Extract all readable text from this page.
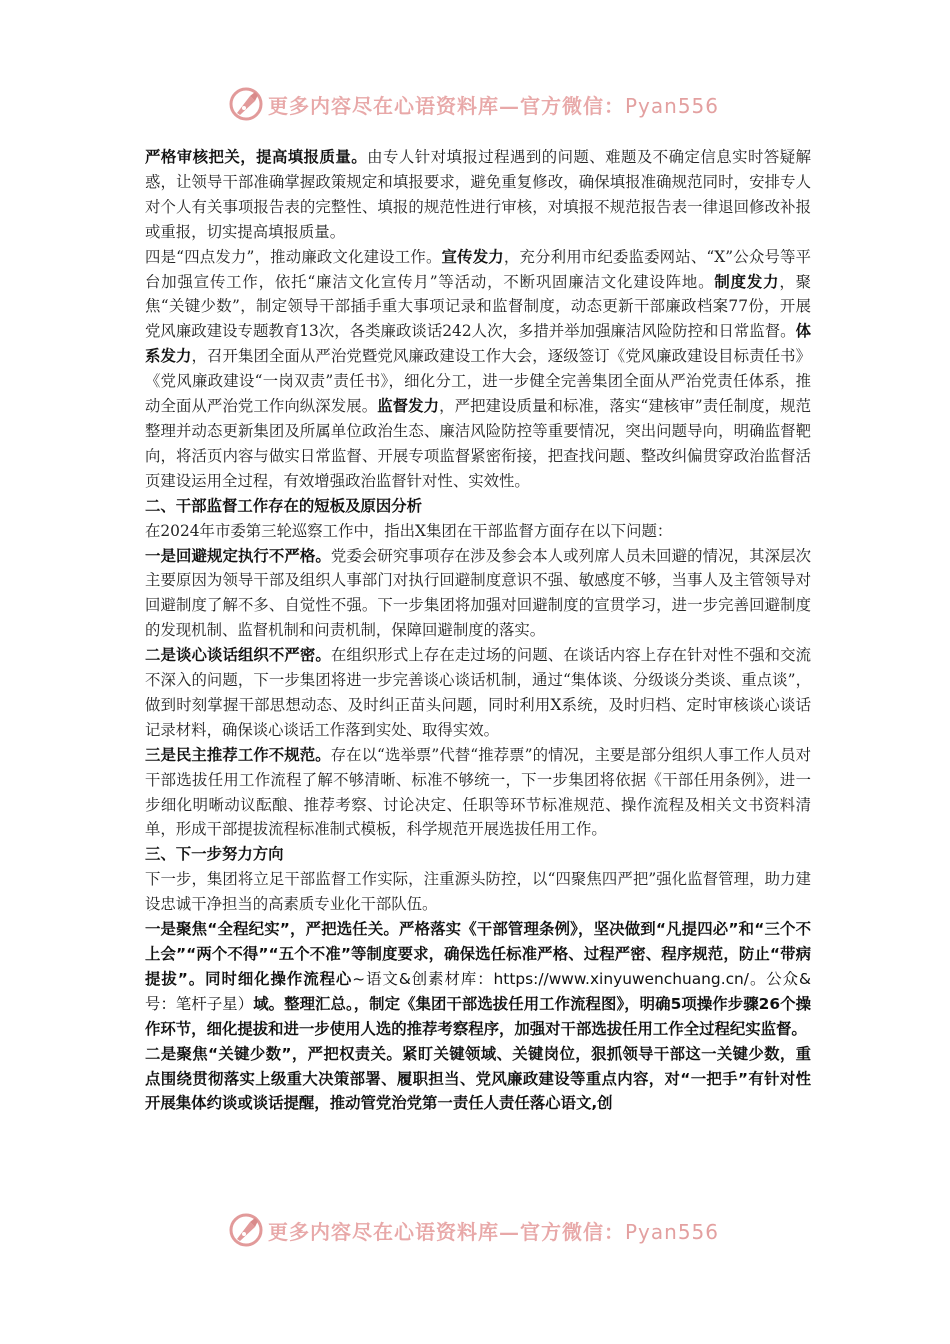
更多内容尽在心语资料库—官方微信：Pyan556

严格审核把关，提高填报质量。由专人针对填报过程遇到的问题、难题及不确定信息实时答疑解惑，让领导干部准确掌握政策规定和填报要求，避免重复修改，确保填报准确规范同时，安排专人对个人有关事项报告表的完整性、填报的规范性进行审核，对填报不规范报告表一律退回修改补报或重报，切实提高填报质量。

四是“四点发力”，推动廉政文化建设工作。宣传发力，充分利用市纪委监委网站、“X”公众号等平台加强宣传工作，依托“廉洁文化宣传月”等活动，不断巩固廉洁文化建设阵地。制度发力，聚焦“关键少数”，制定领导干部插手重大事项记录和监督制度，动态更新干部廉政档案77份，开展党风廉政建设专题教育13次，各类廉政谈话242人次，多措并举加强廉洁风险防控和日常监督。体系发力，召开集团全面从严治党暨党风廉政建设工作大会，逐级签订《党风廉政建设目标责任书》《党风廉政建设“一岗双责”责任书》，细化分工，进一步健全完善集团全面从严治党责任体系，推动全面从严治党工作向纵深发展。监督发力，严把建设质量和标准，落实“建核审”责任制度，规范整理并动态更新集团及所属单位政治生态、廉洁风险防控等重要情况，突出问题导向，明确监督靶向，将活页内容与做实日常监督、开展专项监督紧密衔接，把查找问题、整改纠偏贯穿政治监督活页建设运用全过程，有效增强政治监督针对性、实效性。

二、干部监督工作存在的短板及原因分析

在2024年市委第三轮巡察工作中，指出X集团在干部监督方面存在以下问题：

一是回避规定执行不严格。党委会研究事项存在涉及参会本人或列席人员未回避的情况，其深层次主要原因为领导干部及组织人事部门对执行回避制度意识不强、敏感度不够，当事人及主管领导对回避制度了解不多、自觉性不强。下一步集团将加强对回避制度的宣贯学习，进一步完善回避制度的发现机制、监督机制和问责机制，保障回避制度的落实。

二是谈心谈话组织不严密。在组织形式上存在走过场的问题、在谈话内容上存在针对性不强和交流不深入的问题，下一步集团将进一步完善谈心谈话机制，通过“集体谈、分级谈分类谈、重点谈”，做到时刻掌握干部思想动态、及时纠正苗头问题，同时利用X系统，及时归档、定时审核谈心谈话记录材料，确保谈心谈话工作落到实处、取得实效。

三是民主推荐工作不规范。存在以“选举票”代替“推荐票”的情况，主要是部分组织人事工作人员对干部选拔任用工作流程了解不够清晰、标准不够统一，下一步集团将依据《干部任用条例》，进一步细化明晰动议酝酿、推荐考察、讨论决定、任职等环节标准规范、操作流程及相关文书资料清单，形成干部提拔流程标准制式模板，科学规范开展选拔任用工作。

三、下一步努力方向

下一步，集团将立足干部监督工作实际，注重源头防控，以“四聚焦四严把”强化监督管理，助力建设忠诚干净担当的高素质专业化干部队伍。

一是聚焦“全程纪实”，严把选任关。严格落实《干部管理条例》，坚决做到“凡提四必”和“三个不上会”“两个不得”“五个不准”等制度要求，确保选任标准严格、过程严密、程序规范，防止“带病提拔”。同时细化操作流程心~语文&创素材库：https://www.xinyuwenchuang.cn/。公众&号：笔杆子星）域。整理汇总。，制定《集团干部选拔任用工作流程图》，明确5项操作步骤26个操作环节，细化提拔和进一步使用人选的推荐考察程序，加强对干部选拔任用工作全过程纪实监督。

二是聚焦“关键少数”，严把权责关。紧盯关键领域、关键岗位，狠抓领导干部这一关键少数，重点围绕贯彻落实上级重大决策部署、履职担当、党风廉政建设等重点内容，对“一把手”有针对性开展集体约谈或谈话提醒，推动管党治党第一责任人责任落心语文,创

更多内容尽在心语资料库—官方微信：Pyan556
